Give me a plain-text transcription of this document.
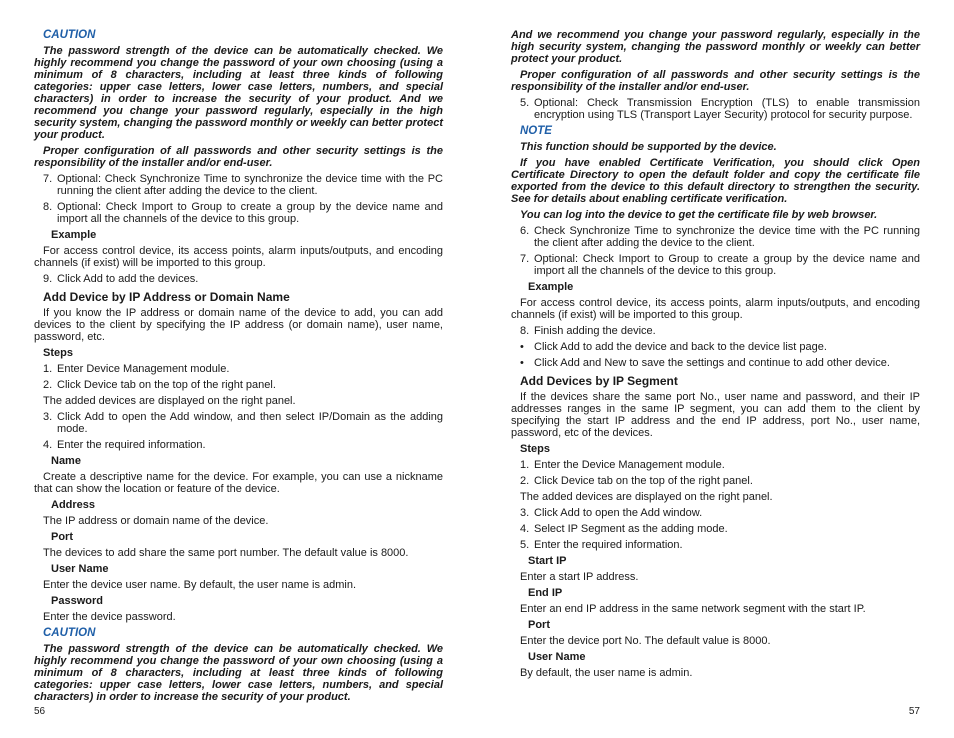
CAUTION
The password strength of the device can be automatically checked. We highly recommend you change the password of your own choosing (using a minimum of 8 characters, including at least three kinds of following categories: upper case letters, lower case letters, numbers, and special characters) in order to increase the security of your product. And we recommend you change your password regularly, especially in the high security system, changing the password monthly or weekly can better protect your product.
Proper configuration of all passwords and other security settings is the responsibility of the installer and/or end-user.
7. Optional: Check Synchronize Time to synchronize the device time with the PC running the client after adding the device to the client.
8. Optional: Check Import to Group to create a group by the device name and import all the channels of the device to this group.
Example
For access control device, its access points, alarm inputs/outputs, and encoding channels (if exist) will be imported to this group.
9. Click Add to add the devices.
Add Device by IP Address or Domain Name
If you know the IP address or domain name of the device to add, you can add devices to the client by specifying the IP address (or domain name), user name, password, etc.
Steps
1. Enter Device Management module.
2. Click Device tab on the top of the right panel.
The added devices are displayed on the right panel.
3. Click Add to open the Add window, and then select IP/Domain as the adding mode.
4. Enter the required information.
Name
Create a descriptive name for the device. For example, you can use a nickname that can show the location or feature of the device.
Address
The IP address or domain name of the device.
Port
The devices to add share the same port number. The default value is 8000.
User Name
Enter the device user name. By default, the user name is admin.
Password
Enter the device password.
CAUTION
The password strength of the device can be automatically checked. We highly recommend you change the password of your own choosing (using a minimum of 8 characters, including at least three kinds of following categories: upper case letters, lower case letters, numbers, and special characters) in order to increase the security of your product.
56
And we recommend you change your password regularly, especially in the high security system, changing the password monthly or weekly can better protect your product.
Proper configuration of all passwords and other security settings is the responsibility of the installer and/or end-user.
5. Optional: Check Transmission Encryption (TLS) to enable transmission encryption using TLS (Transport Layer Security) protocol for security purpose.
NOTE
This function should be supported by the device.
If you have enabled Certificate Verification, you should click Open Certificate Directory to open the default folder and copy the certificate file exported from the device to this default directory to strengthen the security. See for details about enabling certificate verification.
You can log into the device to get the certificate file by web browser.
6. Check Synchronize Time to synchronize the device time with the PC running the client after adding the device to the client.
7. Optional: Check Import to Group to create a group by the device name and import all the channels of the device to this group.
Example
For access control device, its access points, alarm inputs/outputs, and encoding channels (if exist) will be imported to this group.
8. Finish adding the device.
• Click Add to add the device and back to the device list page.
• Click Add and New to save the settings and continue to add other device.
Add Devices by IP Segment
If the devices share the same port No., user name and password, and their IP addresses ranges in the same IP segment, you can add them to the client by specifying the start IP address and the end IP address, port No., user name, password, etc of the devices.
Steps
1. Enter the Device Management module.
2. Click Device tab on the top of the right panel.
The added devices are displayed on the right panel.
3. Click Add to open the Add window.
4. Select IP Segment as the adding mode.
5. Enter the required information.
Start IP
Enter a start IP address.
End IP
Enter an end IP address in the same network segment with the start IP.
Port
Enter the device port No. The default value is 8000.
User Name
By default, the user name is admin.
57
